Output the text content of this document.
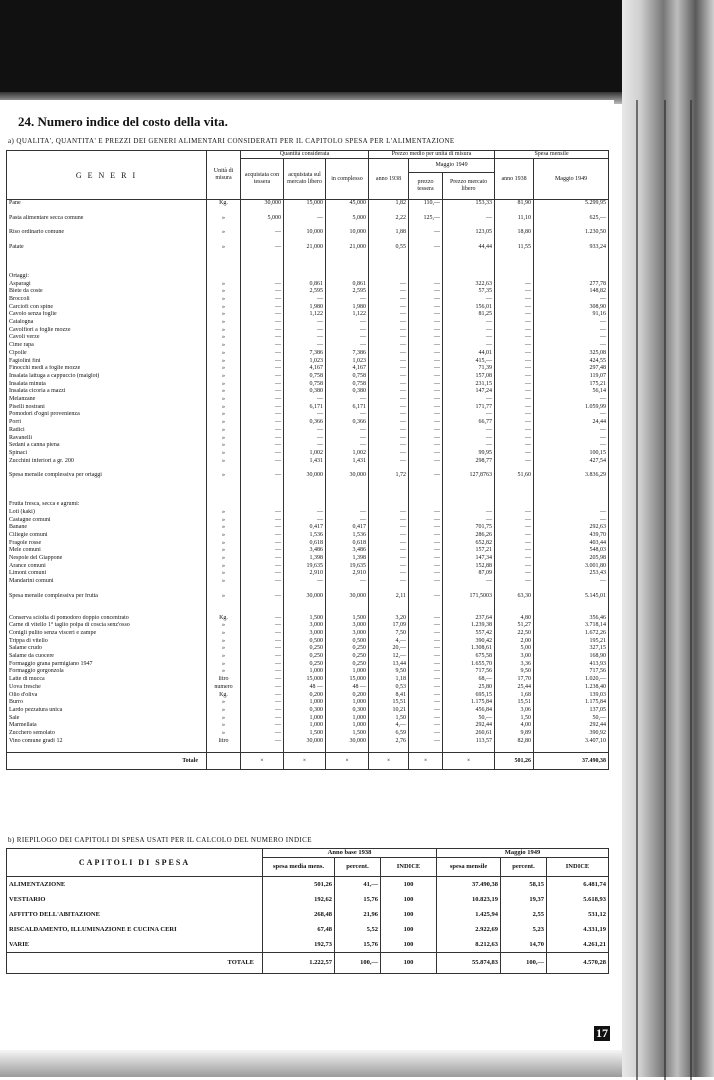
24. Numero indice del costo della vita.
a) QUALITA', QUANTITA' E PREZZI DEI GENERI ALIMENTARI CONSIDERATI PER IL CAPITOLO SPESA PER L'ALIMENTAZIONE
G E N E R I	Unità di misura	Quantità considerata			Prezzo medio per unità di misura			Spesa mensile	
		acquistata con tessera	acquistata sul mercato libero	in complesso	anno 1938	Maggio 1949		anno 1938	Maggio 1949
						prezzo tessera	Prezzo mercato libero		
Pane	Kg.	30,000	15,000	45,000	1,82	110,—	153,33	81,90	5.299,95

Pasta alimentare secca comune	»	5,000	—	5,000	2,22	125,—	—	11,10	625,—

Riso ordinario comune	»	—	10,000	10,000	1,88	—	123,05	18,80	1.230,50

Patate	»	—	21,000	21,000	0,55	—	44,44	11,55	933,24

Ortaggi:									
Asparagi	»	—	0,861	0,861	—	—	322,63	—	277,78
Biete da coste	»	—	2,595	2,595	—	—	57,35	—	148,82
Broccoli	»	—	—	—	—	—	—	—	—
Carciofi con spine	»	—	1,980	1,980	—	—	156,01	—	308,90
Cavolo senza foglie	»	—	1,122	1,122	—	—	81,25	—	91,16
Catalogna	»	—	—	—	—	—	—	—	—
Cavolfiori a foglie mozze	»	—	—	—	—	—	—	—	—
Cavoli verze	»	—	—	—	—	—	—	—	—
Cime rapa	»	—	—	—	—	—	—	—	—
Cipolle	»	—	7,386	7,386	—	—	44,01	—	325,08
Fagiolini fini	»	—	1,023	1,023	—	—	415,—	—	424,55
Finocchi medi a foglie mozze	»	—	4,167	4,167	—	—	71,39	—	297,48
Insalata lattuga a cappuccio (maiglot)	»	—	0,758	0,758	—	—	157,08	—	119,07
Insalata minuta	»	—	0,758	0,758	—	—	231,15	—	175,21
Insalata cicoria a mazzi	»	—	0,380	0,380	—	—	147,24	—	56,14
Melanzane	»	—	—	—	—	—	—	—	—
Piselli nostrani	»	—	6,171	6,171	—	—	171,77	—	1.059,99
Pomodori d'ogni provenienza	»	—	—	—	—	—	—	—	—
Porri	»	—	0,366	0,366	—	—	66,77	—	24,44
Radici	»	—	—	—	—	—	—	—	—
Ravanelli	»	—	—	—	—	—	—	—	—
Sedani a canna piena	»	—	—	—	—	—	—	—	—
Spinaci	»	—	1,002	1,002	—	—	99,95	—	100,15
Zucchini inferiori a gr. 200	»	—	1,431	1,431	—	—	298,77	—	427,54

Spesa mensile complessiva per ortaggi	»	—	30,000	30,000	1,72	—	127,8763	51,60	3.836,29

Frutta fresca, secca e agrumi:									
Loti (kaki)	»	—	—	—	—	—	—	—	—
Castagne comuni	»	—	—	—	—	—	—	—	—
Banane	»	—	0,417	0,417	—	—	701,75	—	292,63
Ciliegie comuni	»	—	1,536	1,536	—	—	286,26	—	439,70
Fragole rosse	»	—	0,618	0,618	—	—	652,82	—	403,44
Mele comuni	»	—	3,486	3,486	—	—	157,21	—	548,03
Nespole del Giappone	»	—	1,398	1,398	—	—	147,34	—	205,98
Arance comuni	»	—	19,635	19,635	—	—	152,88	—	3.001,80
Limoni comuni	»	—	2,910	2,910	—	—	87,09	—	253,43
Mandarini comuni	»	—	—	—	—	—	—	—	—

Spesa mensile complessiva per frutta	»	—	30,000	30,000	2,11	—	171,5003	63,30	5.145,01

Conserva sciolta di pomodoro doppio concentrato	Kg.	—	1,500	1,500	3,20	—	237,64	4,80	356,46
Carne di vitello 1° taglio polpa di coscia senz'osso	»	—	3,000	3,000	17,09	—	1.239,38	51,27	3.718,14
Conigli pulito senza visceri e zampe	»	—	3,000	3,000	7,50	—	557,42	22,50	1.672,26
Trippa di vitello	»	—	0,500	0,500	4,—	—	390,42	2,00	195,21
Salame crudo	»	—	0,250	0,250	20,—	—	1.308,61	5,00	327,15
Salame da cuocere	»	—	0,250	0,250	12,—	—	675,58	3,00	168,90
Formaggio grana parmigiano 1947	»	—	0,250	0,250	13,44	—	1.655,70	3,36	413,93
Formaggio gorgonzola	»	—	1,000	1,000	9,50	—	717,56	9,50	717,56
Latte di mucca	litro	—	15,000	15,000	1,18	—	68,—	17,70	1.020,—
Uova fresche	numero	—	48 —	48 —	0,53	—	25,80	25,44	1.238,40
Olio d'oliva	Kg.	—	0,200	0,200	8,41	—	695,15	1,68	139,03
Burro	»	—	1,000	1,000	15,51	—	1.175,84	15,51	1.175,84
Lardo pezzatura unica	»	—	0,300	0,300	10,21	—	456,84	3,06	137,05
Sale	»	—	1,000	1,000	1,50	—	50,—	1,50	50,—
Marmellata	»	—	1,000	1,000	4,—	—	292,44	4,00	292,44
Zucchero semolato	»	—	1,500	1,500	6,59	—	260,61	9,89	390,92
Vino comune gradi 12	litro	—	30,000	30,000	2,76	—	113,57	82,80	3.407,10

Totale		×	×	×	×	×	×	501,26	37.490,38
b) RIEPILOGO DEI CAPITOLI DI SPESA USATI PER IL CALCOLO DEL NUMERO INDICE
CAPITOLI DI SPESA	Anno base 1938			Maggio 1949		
	spesa media mens.	percent.	INDICE	spesa mensile	percent.	INDICE
ALIMENTAZIONE	501,26	41,—	100	37.490,38	58,15	6.481,74
VESTIARIO	192,62	15,76	100	10.823,19	19,37	5.618,93
AFFITTO DELL'ABITAZIONE	268,48	21,96	100	1.425,94	2,55	531,12
RISCALDAMENTO, ILLUMINAZIONE E CUCINA CERI	67,48	5,52	100	2.922,69	5,23	4.331,19
VARIE	192,73	15,76	100	8.212,63	14,70	4.261,21
TOTALE	1.222,57	100,—	100	55.874,83	100,—	4.570,28
17
